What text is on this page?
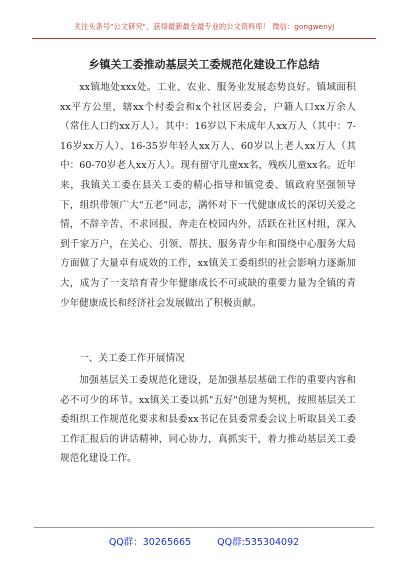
关注头条号"公文研究"，获得最新最全最专业的公文资料库！ 微信：gongwenyj
乡镇关工委推动基层关工委规范化建设工作总结

xx镇地处xxx处。工业、农业、服务业发展态势良好。镇域面积xx平方公里，辖xx个村委会和x个社区居委会，户籍人口xx万余人（常住人口约xx万人）。其中：16岁以下未成年人xx万人（其中：7-16岁xx万人）、16-35岁年轻人xx万人、60岁以上老人xx万人（其中：60-70岁老人xx万人）。现有留守儿童xx名，残疾儿童xx名。近年来，我镇关工委在县关工委的精心指导和镇党委、镇政府坚强领导下，组织带领广大"五老"同志，满怀对下一代健康成长的深切关爱之情，不辞辛苦、不求回报，奔走在校园内外，活跃在社区村组，深入到千家万户，在关心、引领、帮扶、服务青少年和围绕中心服务大局方面做了大量卓有成效的工作，xx镇关工委组织的社会影响力逐渐加大，成为了一支培育青少年健康成长不可或缺的重要力量为全镇的青少年健康成长和经济社会发展做出了积极贡献。

一、关工委工作开展情况

加强基层关工委规范化建设，是加强基层基础工作的重要内容和必不可少的环节。xx镇关工委以抓"五好"创建为契机，按照基层关工委组织工作规范化要求和县委xx书记在县委常委会议上听取县关工委工作汇报后的讲话精神，同心协力，真抓实干，着力推动基层关工委规范化建设工作。

QQ群：30265665	QQ群:535304092
